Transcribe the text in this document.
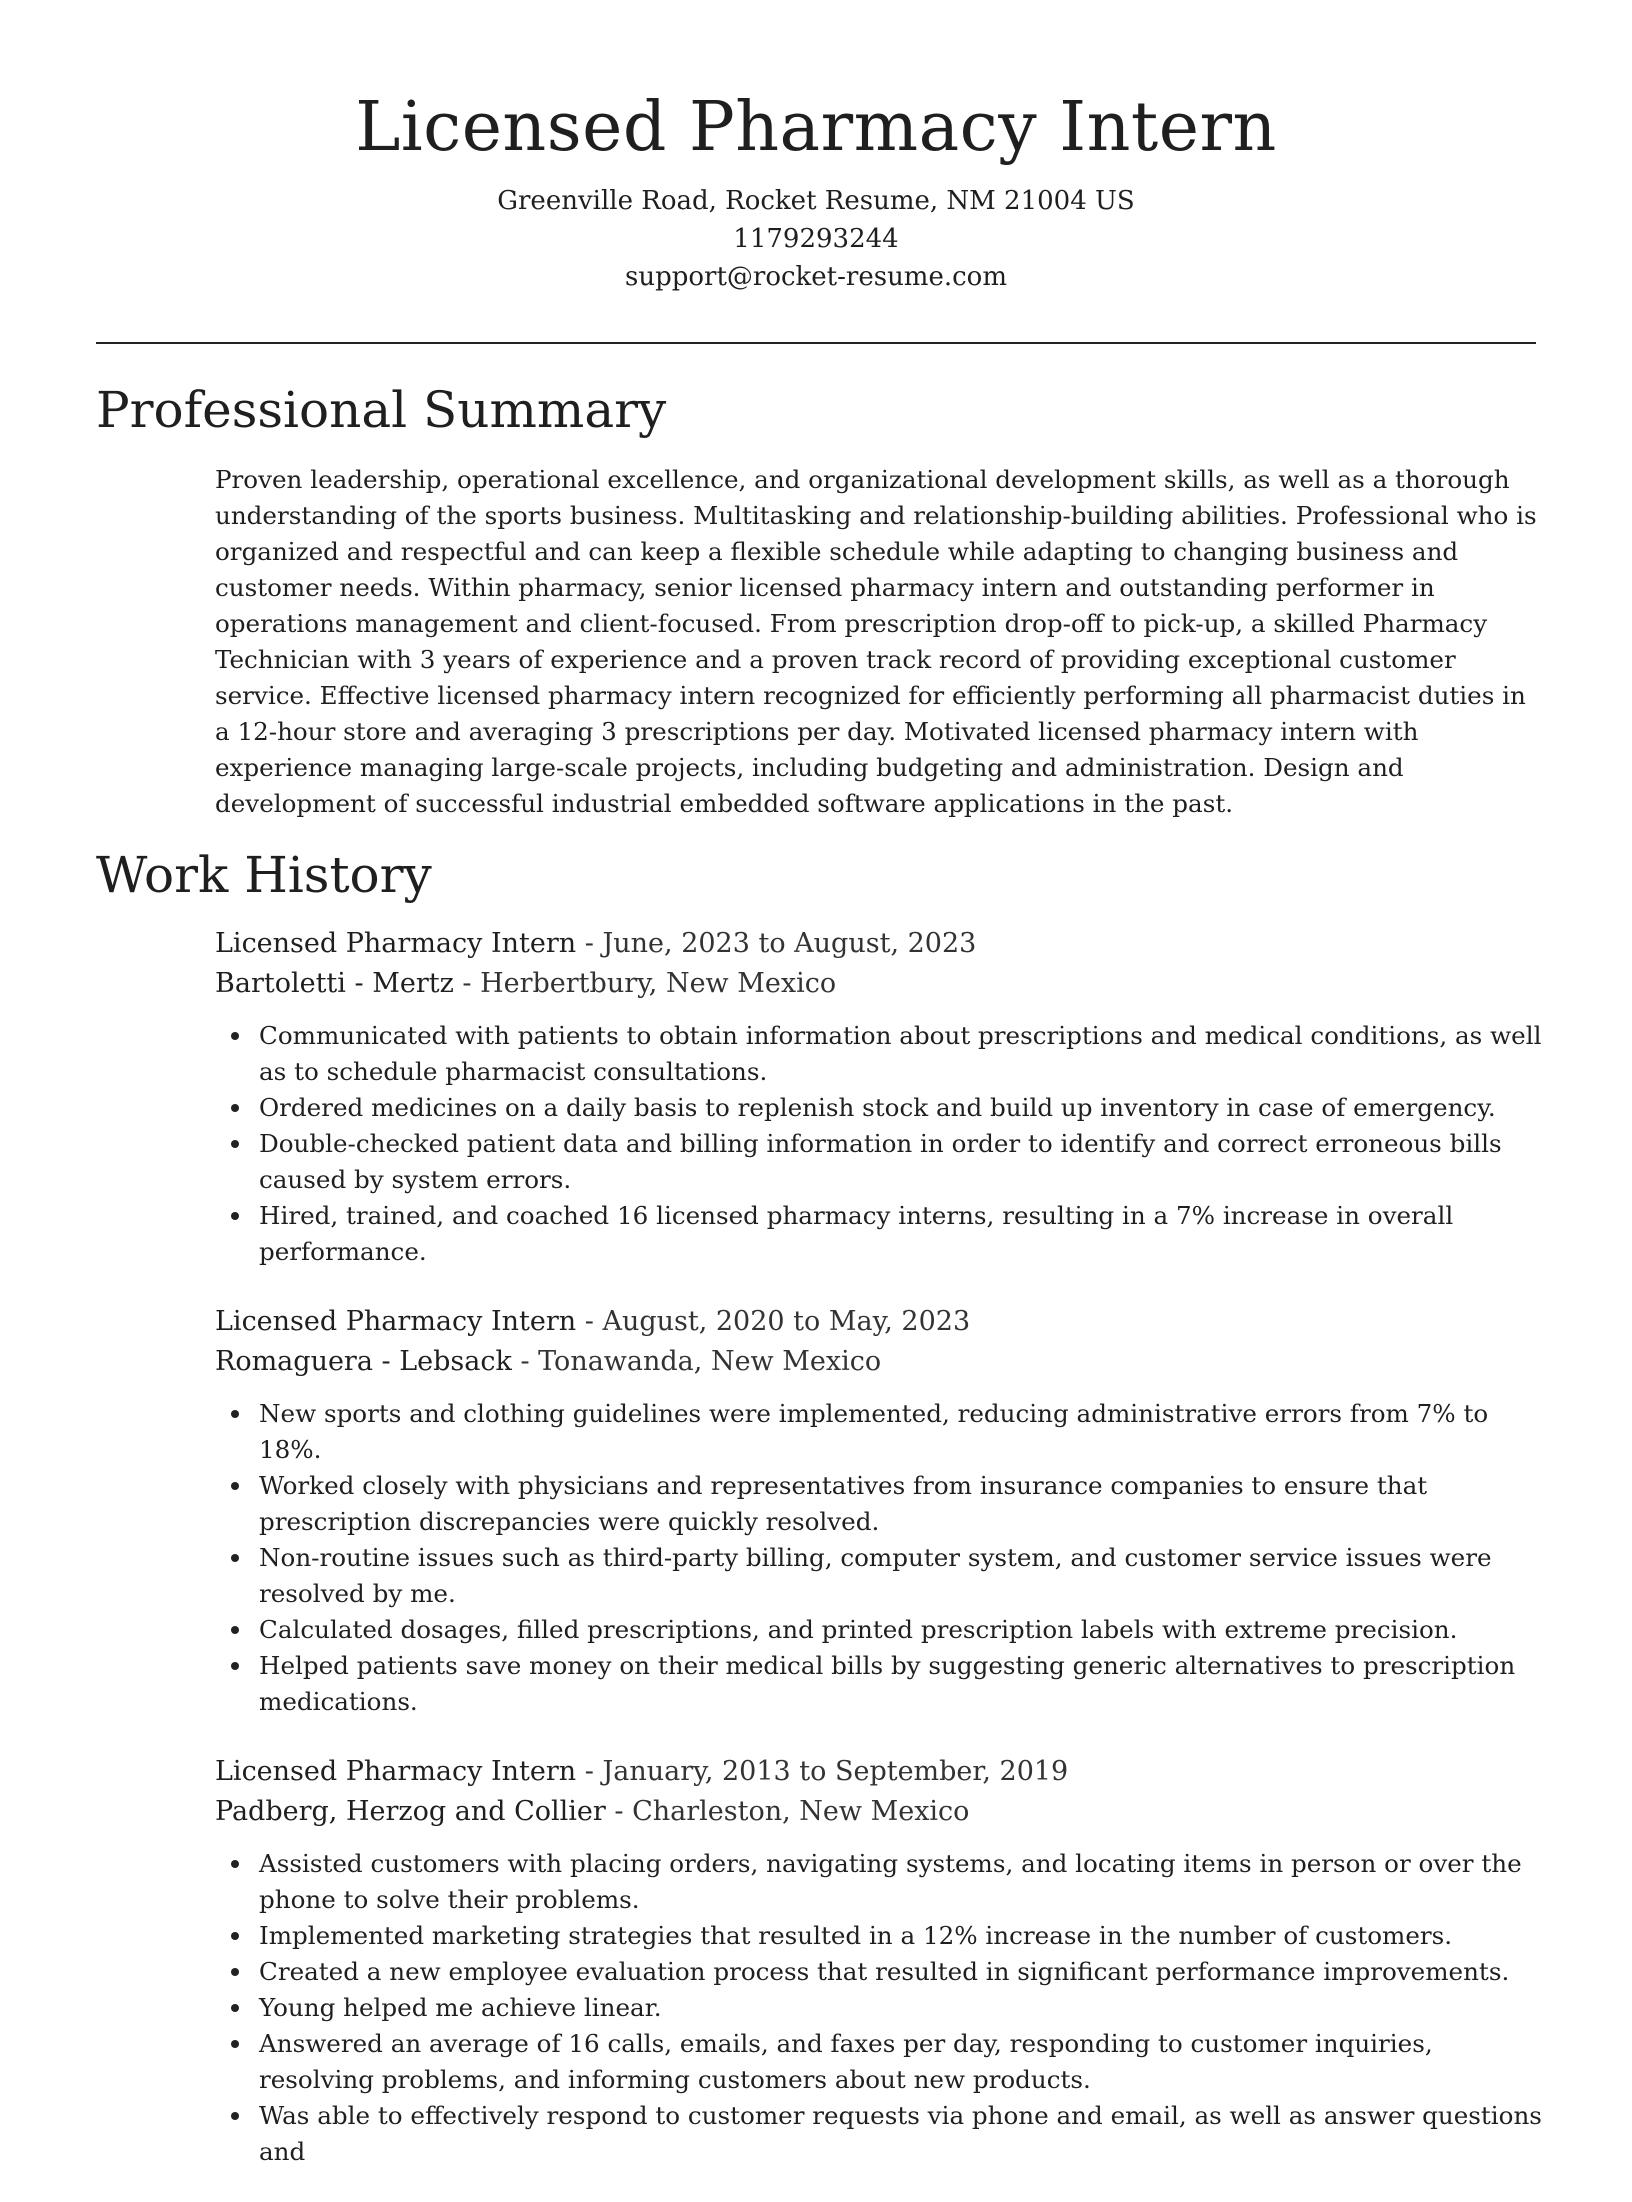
Licensed Pharmacy Intern

Greenville Road, Rocket Resume, NM 21004 US

1179293244

support@rocket-resume.com

Professional Summary

Proven leadership, operational excellence, and organizational development skills, as well as a thorough understanding of the sports business. Multitasking and relationship-building abilities. Professional who is organized and respectful and can keep a flexible schedule while adapting to changing business and customer needs. Within pharmacy, senior licensed pharmacy intern and outstanding performer in operations management and client-focused. From prescription drop-off to pick-up, a skilled Pharmacy Technician with 3 years of experience and a proven track record of providing exceptional customer service. Effective licensed pharmacy intern recognized for efficiently performing all pharmacist duties in a 12-hour store and averaging 3 prescriptions per day. Motivated licensed pharmacy intern with experience managing large-scale projects, including budgeting and administration. Design and development of successful industrial embedded software applications in the past.

Work History

Licensed Pharmacy Intern - June, 2023 to August, 2023

Bartoletti - Mertz - Herbertbury, New Mexico

Communicated with patients to obtain information about prescriptions and medical conditions, as well as to schedule pharmacist consultations.
Ordered medicines on a daily basis to replenish stock and build up inventory in case of emergency.
Double-checked patient data and billing information in order to identify and correct erroneous bills caused by system errors.
Hired, trained, and coached 16 licensed pharmacy interns, resulting in a 7% increase in overall performance.

Licensed Pharmacy Intern - August, 2020 to May, 2023

Romaguera - Lebsack - Tonawanda, New Mexico

New sports and clothing guidelines were implemented, reducing administrative errors from 7% to 18%.
Worked closely with physicians and representatives from insurance companies to ensure that prescription discrepancies were quickly resolved.
Non-routine issues such as third-party billing, computer system, and customer service issues were resolved by me.
Calculated dosages, filled prescriptions, and printed prescription labels with extreme precision.
Helped patients save money on their medical bills by suggesting generic alternatives to prescription medications.

Licensed Pharmacy Intern - January, 2013 to September, 2019

Padberg, Herzog and Collier - Charleston, New Mexico

Assisted customers with placing orders, navigating systems, and locating items in person or over the phone to solve their problems.
Implemented marketing strategies that resulted in a 12% increase in the number of customers.
Created a new employee evaluation process that resulted in significant performance improvements.
Young helped me achieve linear.
Answered an average of 16 calls, emails, and faxes per day, responding to customer inquiries, resolving problems, and informing customers about new products.
Was able to effectively respond to customer requests via phone and email, as well as answer questions and
